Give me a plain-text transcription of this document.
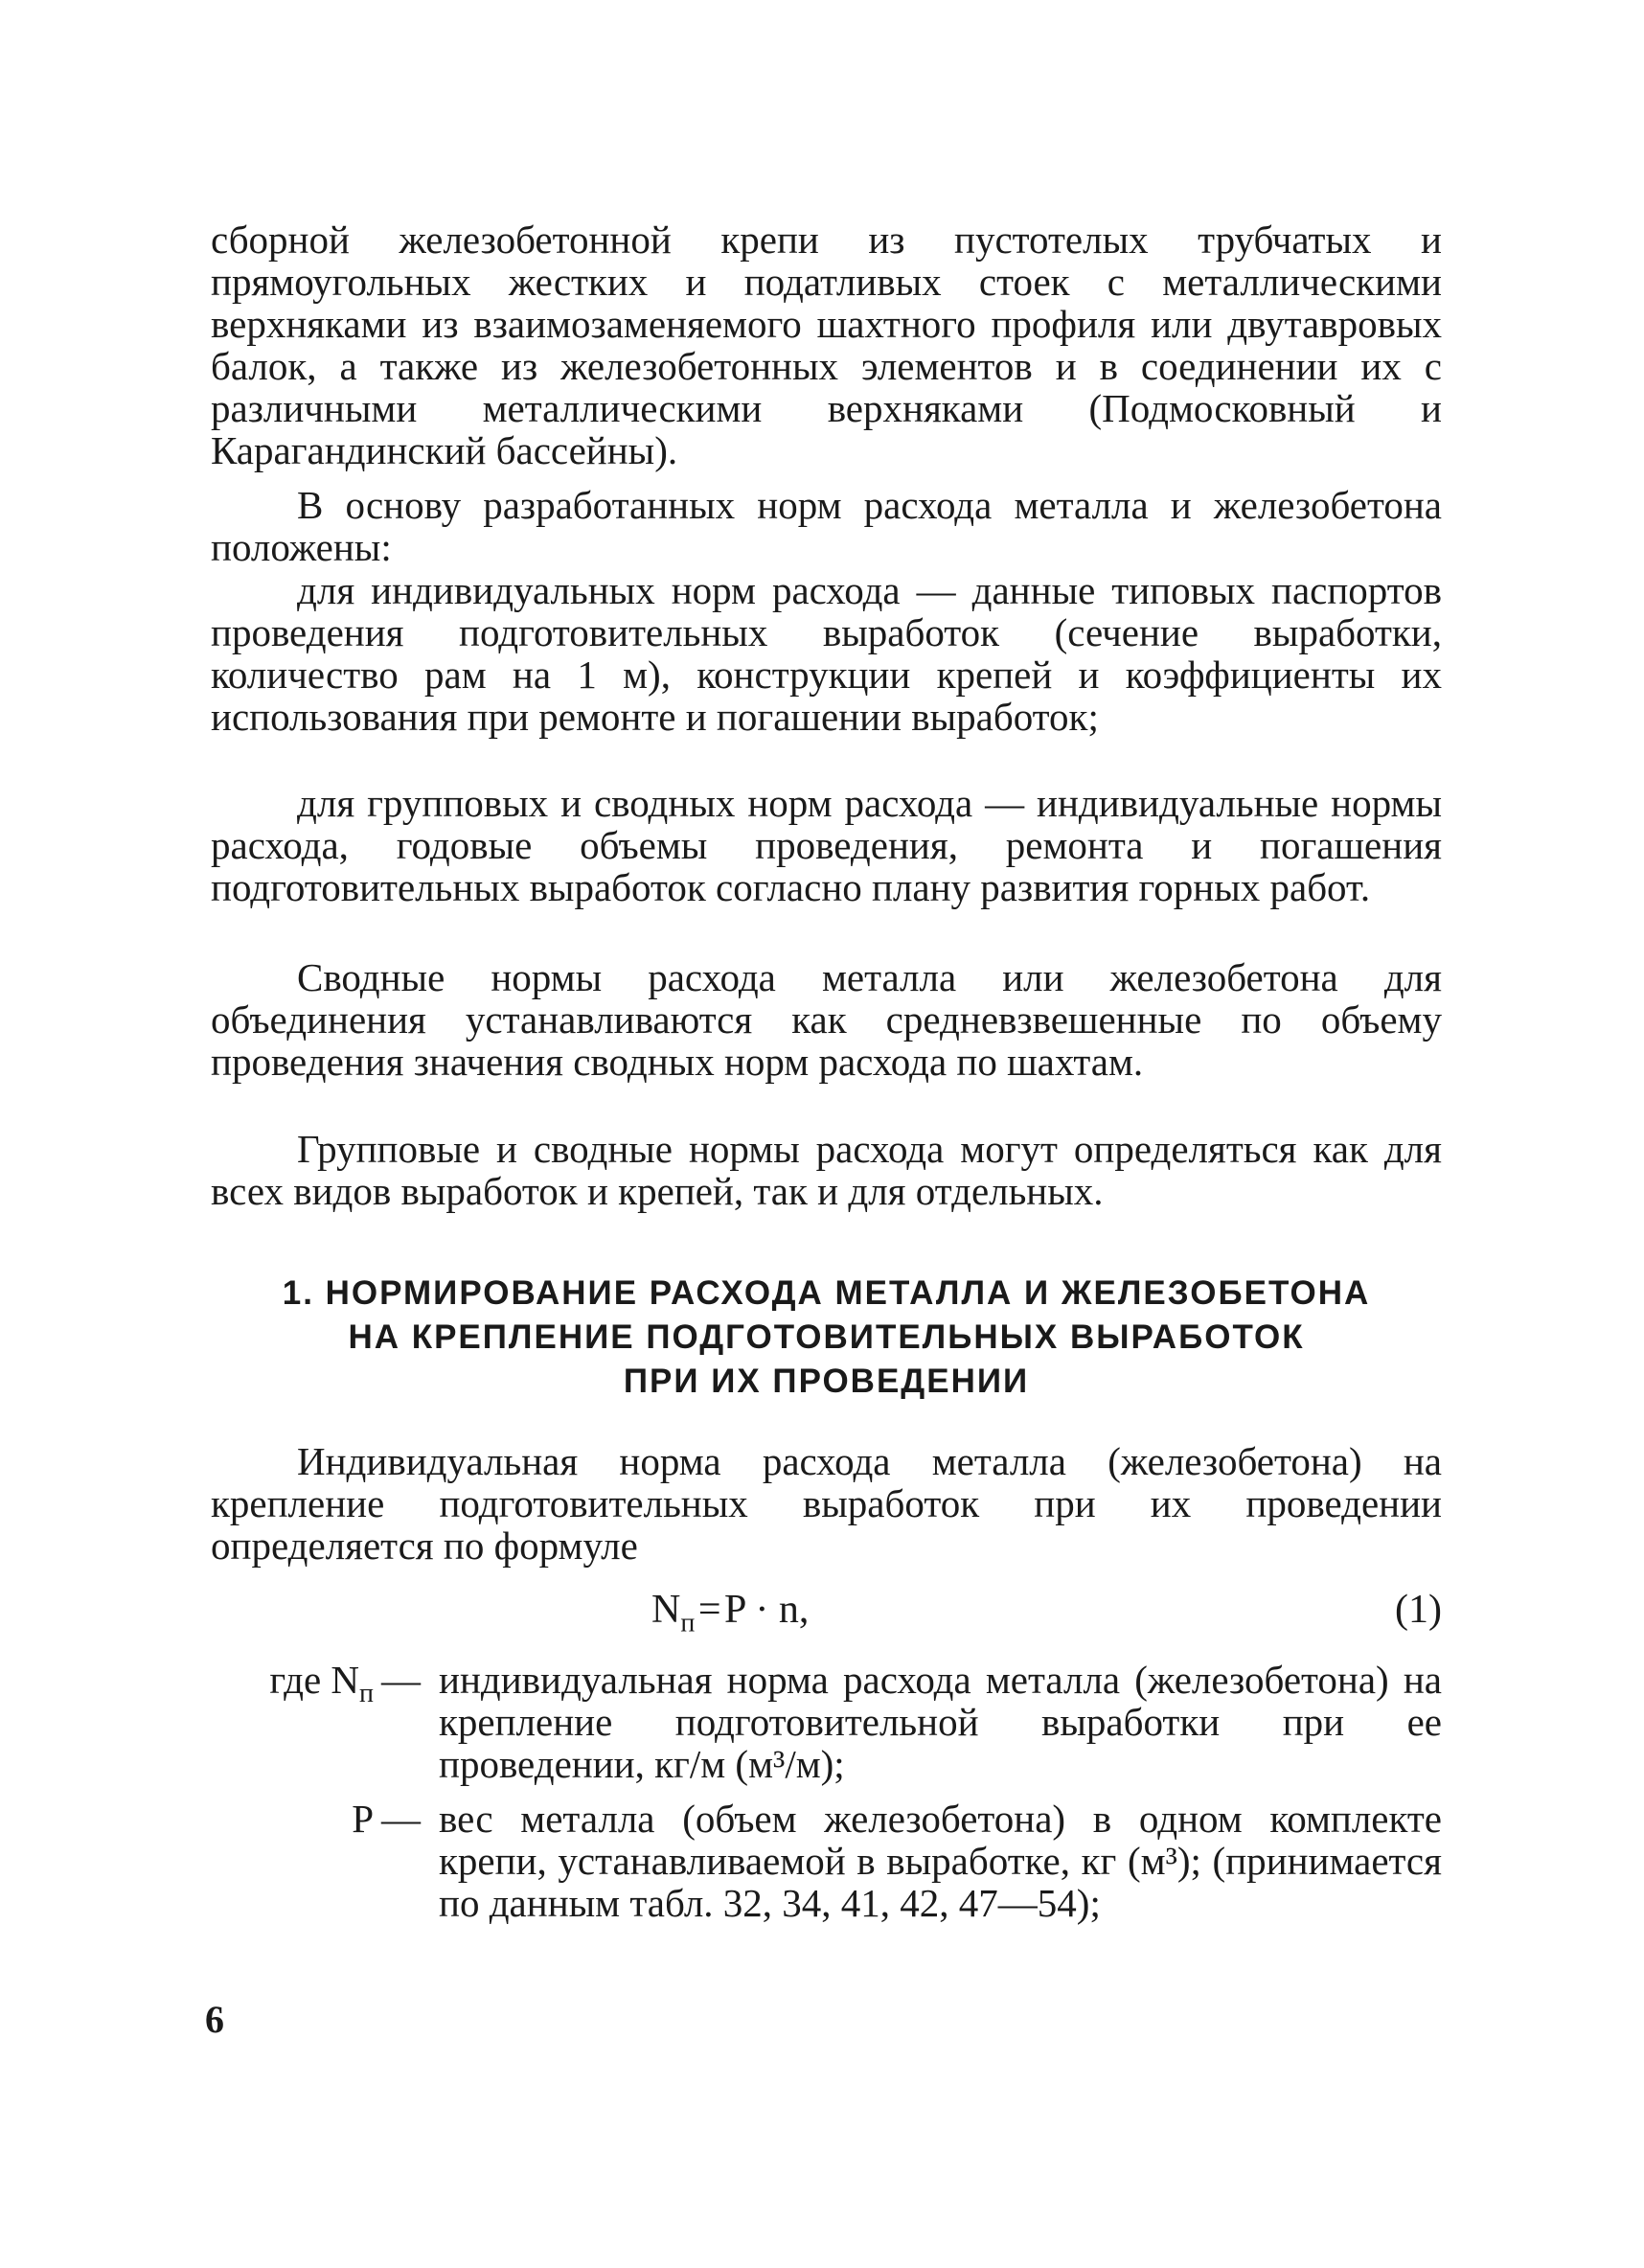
сборной железобетонной крепи из пустотелых трубчатых и прямоугольных жестких и податливых стоек с металлическими верхняками из взаимозаменяемого шахтного профиля или двутавровых балок, а также из железобетонных элементов и в соединении их с различными металлическими верхняками (Подмосковный и Карагандинский бассейны).

В основу разработанных норм расхода металла и железобетона положены:

для индивидуальных норм расхода — данные типовых паспортов проведения подготовительных выработок (сечение выработки, количество рам на 1 м), конструкции крепей и коэффициенты их использования при ремонте и погашении выработок;

для групповых и сводных норм расхода — индивидуальные нормы расхода, годовые объемы проведения, ремонта и погашения подготовительных выработок согласно плану развития горных работ.

Сводные нормы расхода металла или железобетона для объединения устанавливаются как средневзвешенные по объему проведения значения сводных норм расхода по шахтам.

Групповые и сводные нормы расхода могут определяться как для всех видов выработок и крепей, так и для отдельных.

1. НОРМИРОВАНИЕ РАСХОДА МЕТАЛЛА И ЖЕЛЕЗОБЕТОНА

НА КРЕПЛЕНИЕ ПОДГОТОВИТЕЛЬНЫХ ВЫРАБОТОК

ПРИ ИХ ПРОВЕДЕНИИ

Индивидуальная норма расхода металла (железобетона) на крепление подготовительных выработок при их проведении определяется по формуле

$N_п$ = P · n,	(1)
где $N_п$ — индивидуальная норма расхода металла (железобетона) на крепление подготовительной выработки при ее проведении, кг/м (м³/м);

P — вес металла (объем железобетона) в одном комплекте крепи, устанавливаемой в выработке, кг (м³); (принимается по данным табл. 32, 34, 41, 42, 47—54);

6
